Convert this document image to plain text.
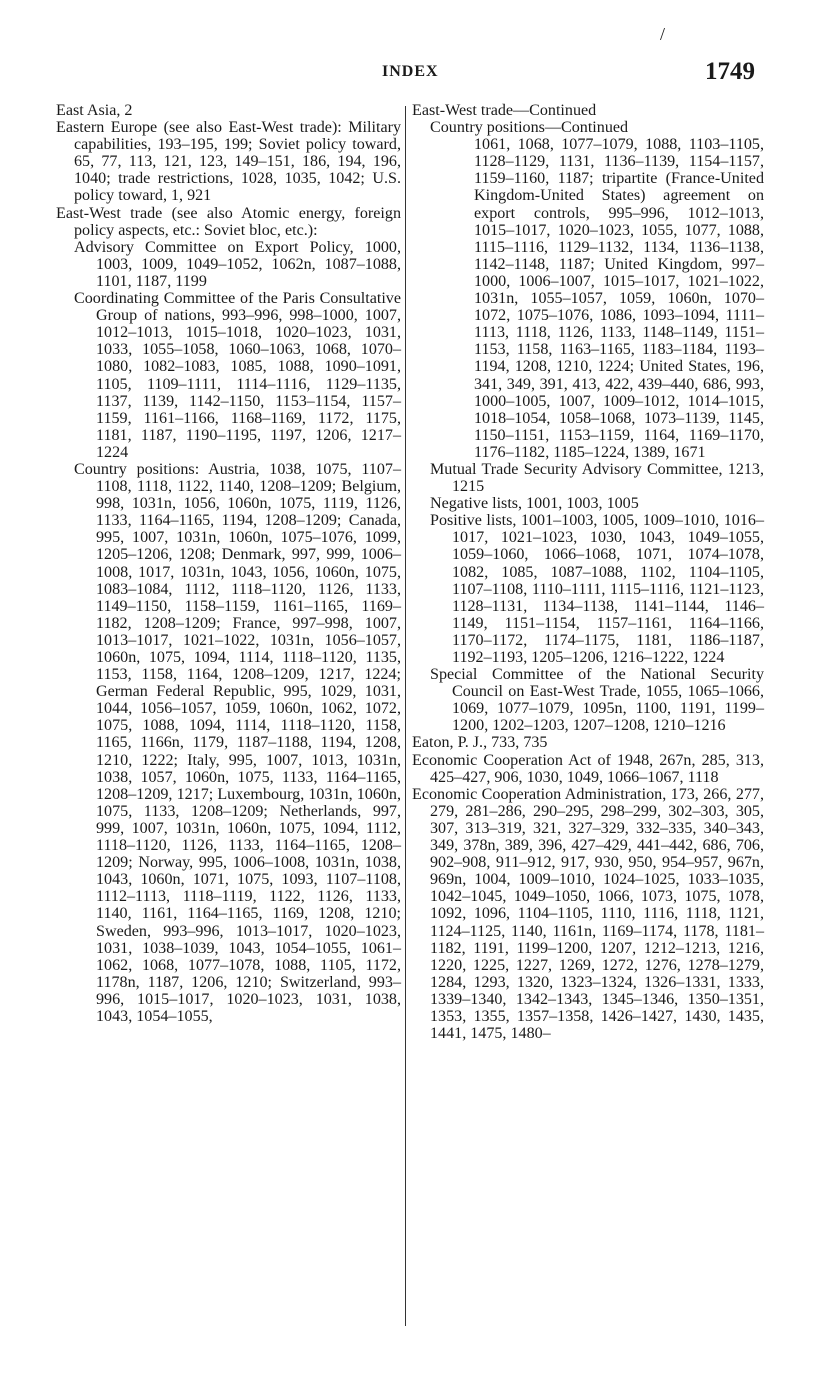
/
INDEX	1749
East Asia, 2
Eastern Europe (see also East-West trade): Military capabilities, 193–195, 199; Soviet policy toward, 65, 77, 113, 121, 123, 149–151, 186, 194, 196, 1040; trade restrictions, 1028, 1035, 1042; U.S. policy toward, 1, 921
East-West trade (see also Atomic energy, foreign policy aspects, etc.: Soviet bloc, etc.):
Advisory Committee on Export Policy, 1000, 1003, 1009, 1049–1052, 1062n, 1087–1088, 1101, 1187, 1199
Coordinating Committee of the Paris Consultative Group of nations, 993–996, 998–1000, 1007, 1012–1013, 1015–1018, 1020–1023, 1031, 1033, 1055–1058, 1060–1063, 1068, 1070–1080, 1082–1083, 1085, 1088, 1090–1091, 1105, 1109–1111, 1114–1116, 1129–1135, 1137, 1139, 1142–1150, 1153–1154, 1157–1159, 1161–1166, 1168–1169, 1172, 1175, 1181, 1187, 1190–1195, 1197, 1206, 1217–1224
Country positions: Austria, 1038, 1075, 1107–1108, 1118, 1122, 1140, 1208–1209; Belgium, 998, 1031n, 1056, 1060n, 1075, 1119, 1126, 1133, 1164–1165, 1194, 1208–1209; Canada, 995, 1007, 1031n, 1060n, 1075–1076, 1099, 1205–1206, 1208; Denmark, 997, 999, 1006–1008, 1017, 1031n, 1043, 1056, 1060n, 1075, 1083–1084, 1112, 1118–1120, 1126, 1133, 1149–1150, 1158–1159, 1161–1165, 1169–1182, 1208–1209; France, 997–998, 1007, 1013–1017, 1021–1022, 1031n, 1056–1057, 1060n, 1075, 1094, 1114, 1118–1120, 1135, 1153, 1158, 1164, 1208–1209, 1217, 1224; German Federal Republic, 995, 1029, 1031, 1044, 1056–1057, 1059, 1060n, 1062, 1072, 1075, 1088, 1094, 1114, 1118–1120, 1158, 1165, 1166n, 1179, 1187–1188, 1194, 1208, 1210, 1222; Italy, 995, 1007, 1013, 1031n, 1038, 1057, 1060n, 1075, 1133, 1164–1165, 1208–1209, 1217; Luxembourg, 1031n, 1060n, 1075, 1133, 1208–1209; Netherlands, 997, 999, 1007, 1031n, 1060n, 1075, 1094, 1112, 1118–1120, 1126, 1133, 1164–1165, 1208–1209; Norway, 995, 1006–1008, 1031n, 1038, 1043, 1060n, 1071, 1075, 1093, 1107–1108, 1112–1113, 1118–1119, 1122, 1126, 1133, 1140, 1161, 1164–1165, 1169, 1208, 1210; Sweden, 993–996, 1013–1017, 1020–1023, 1031, 1038–1039, 1043, 1054–1055, 1061–1062, 1068, 1077–1078, 1088, 1105, 1172, 1178n, 1187, 1206, 1210; Switzerland, 993–996, 1015–1017, 1020–1023, 1031, 1038, 1043, 1054–1055,
East-West trade—Continued
Country positions—Continued
1061, 1068, 1077–1079, 1088, 1103–1105, 1128–1129, 1131, 1136–1139, 1154–1157, 1159–1160, 1187; tripartite (France-United Kingdom-United States) agreement on export controls, 995–996, 1012–1013, 1015–1017, 1020–1023, 1055, 1077, 1088, 1115–1116, 1129–1132, 1134, 1136–1138, 1142–1148, 1187; United Kingdom, 997–1000, 1006–1007, 1015–1017, 1021–1022, 1031n, 1055–1057, 1059, 1060n, 1070–1072, 1075–1076, 1086, 1093–1094, 1111–1113, 1118, 1126, 1133, 1148–1149, 1151–1153, 1158, 1163–1165, 1183–1184, 1193–1194, 1208, 1210, 1224; United States, 196, 341, 349, 391, 413, 422, 439–440, 686, 993, 1000–1005, 1007, 1009–1012, 1014–1015, 1018–1054, 1058–1068, 1073–1139, 1145, 1150–1151, 1153–1159, 1164, 1169–1170, 1176–1182, 1185–1224, 1389, 1671
Mutual Trade Security Advisory Committee, 1213, 1215
Negative lists, 1001, 1003, 1005
Positive lists, 1001–1003, 1005, 1009–1010, 1016–1017, 1021–1023, 1030, 1043, 1049–1055, 1059–1060, 1066–1068, 1071, 1074–1078, 1082, 1085, 1087–1088, 1102, 1104–1105, 1107–1108, 1110–1111, 1115–1116, 1121–1123, 1128–1131, 1134–1138, 1141–1144, 1146–1149, 1151–1154, 1157–1161, 1164–1166, 1170–1172, 1174–1175, 1181, 1186–1187, 1192–1193, 1205–1206, 1216–1222, 1224
Special Committee of the National Security Council on East-West Trade, 1055, 1065–1066, 1069, 1077–1079, 1095n, 1100, 1191, 1199–1200, 1202–1203, 1207–1208, 1210–1216
Eaton, P. J., 733, 735
Economic Cooperation Act of 1948, 267n, 285, 313, 425–427, 906, 1030, 1049, 1066–1067, 1118
Economic Cooperation Administration, 173, 266, 277, 279, 281–286, 290–295, 298–299, 302–303, 305, 307, 313–319, 321, 327–329, 332–335, 340–343, 349, 378n, 389, 396, 427–429, 441–442, 686, 706, 902–908, 911–912, 917, 930, 950, 954–957, 967n, 969n, 1004, 1009–1010, 1024–1025, 1033–1035, 1042–1045, 1049–1050, 1066, 1073, 1075, 1078, 1092, 1096, 1104–1105, 1110, 1116, 1118, 1121, 1124–1125, 1140, 1161n, 1169–1174, 1178, 1181–1182, 1191, 1199–1200, 1207, 1212–1213, 1216, 1220, 1225, 1227, 1269, 1272, 1276, 1278–1279, 1284, 1293, 1320, 1323–1324, 1326–1331, 1333, 1339–1340, 1342–1343, 1345–1346, 1350–1351, 1353, 1355, 1357–1358, 1426–1427, 1430, 1435, 1441, 1475, 1480–
